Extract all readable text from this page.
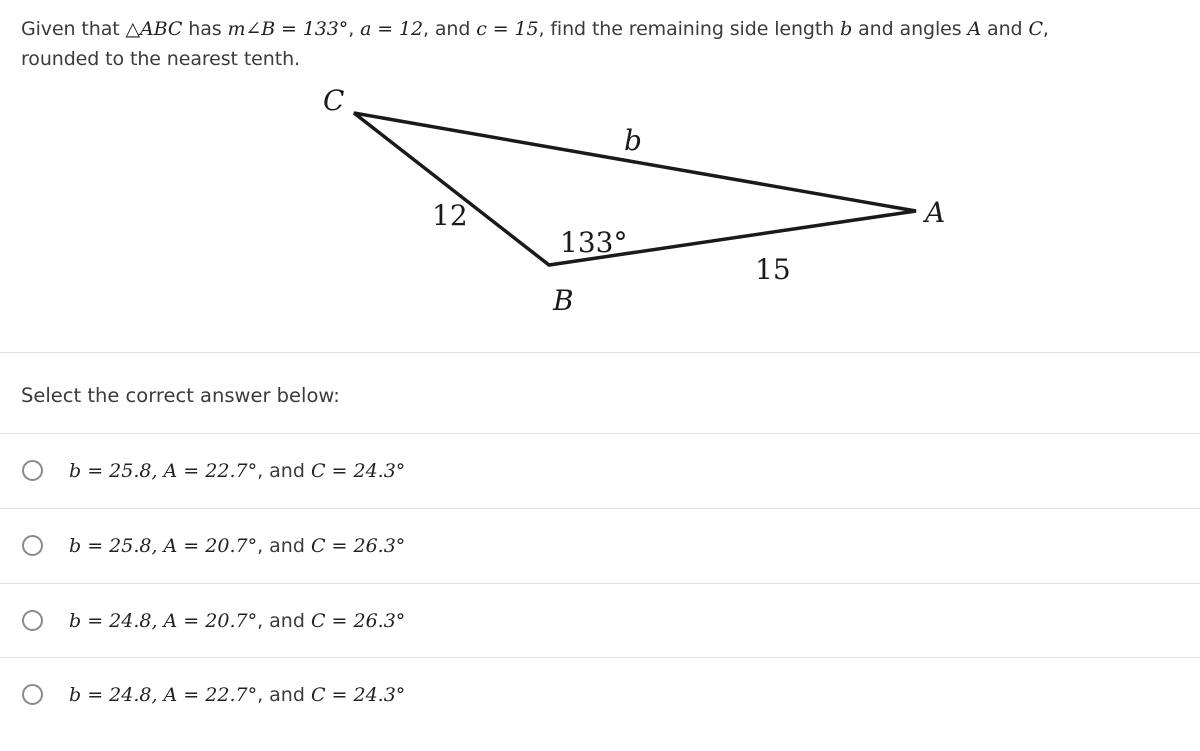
Given that △ABC has m∠B = 133°, a = 12, and c = 15, find the remaining side length b and angles A and C,
rounded to the nearest tenth.
C
A
B
b
12
133°
15
Select the correct answer below:
b = 25.8, A = 22.7°, and C = 24.3°
b = 25.8, A = 20.7°, and C = 26.3°
b = 24.8, A = 20.7°, and C = 26.3°
b = 24.8, A = 22.7°, and C = 24.3°
